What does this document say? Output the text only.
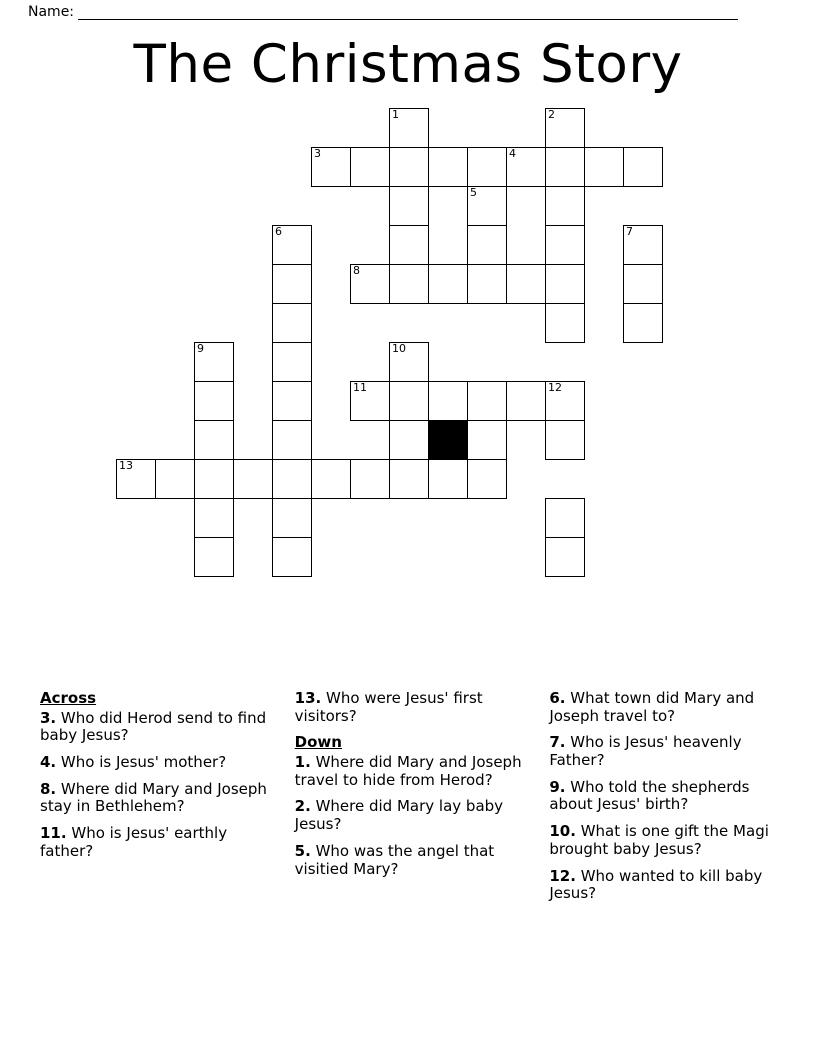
Name:
The Christmas Story
1	2
3	4
5
6	7
8
9	10
11	12
13
Across

3. Who did Herod send to find baby Jesus?

4. Who is Jesus' mother?

8. Where did Mary and Joseph stay in Bethlehem?

11. Who is Jesus' earthly father?

13. Who were Jesus' first visitors?

Down

1. Where did Mary and Joseph travel to hide from Herod?

2. Where did Mary lay baby Jesus?

5. Who was the angel that visitied Mary?

6. What town did Mary and Joseph travel to?

7. Who is Jesus' heavenly Father?

9. Who told the shepherds about Jesus' birth?

10. What is one gift the Magi brought baby Jesus?

12. Who wanted to kill baby Jesus?
